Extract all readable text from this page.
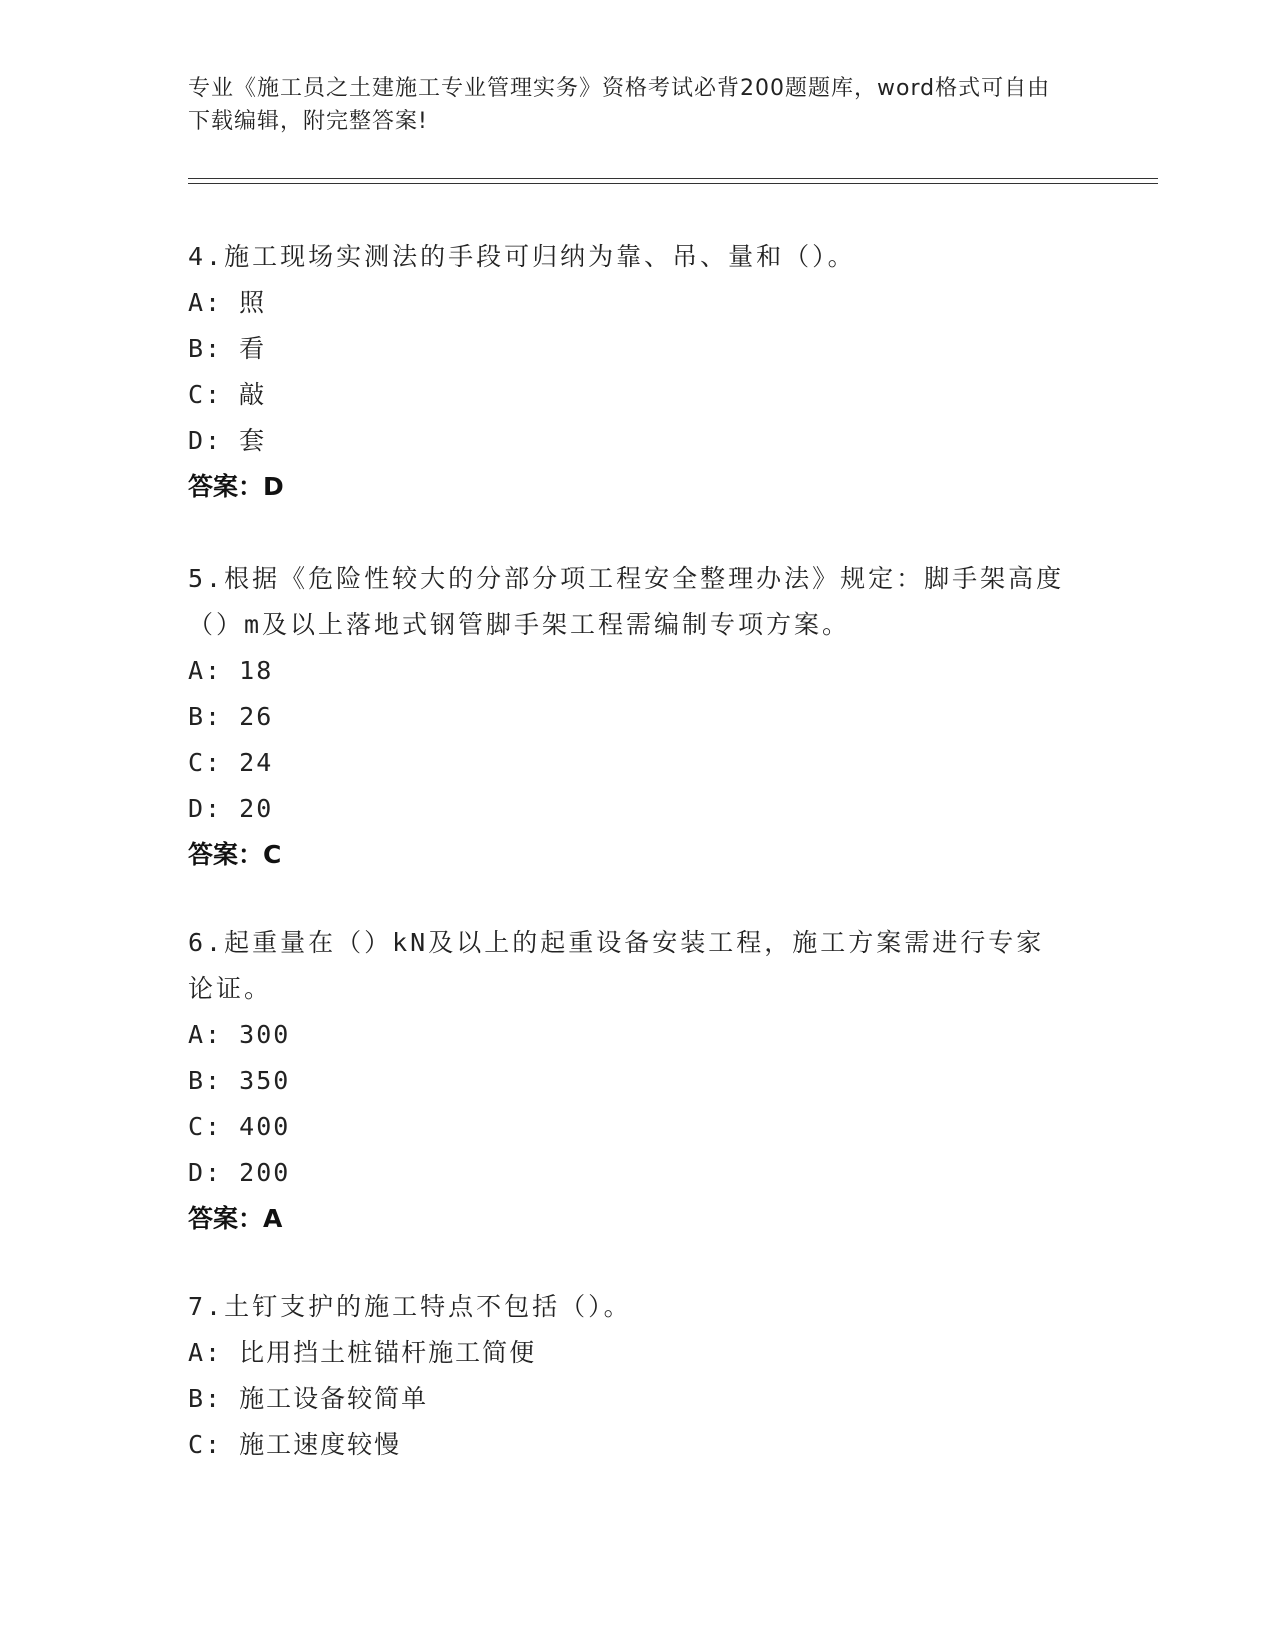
专业《施工员之土建施工专业管理实务》资格考试必背200题题库，word格式可自由下载编辑，附完整答案!

4.施工现场实测法的手段可归纳为靠、吊、量和（）。

A: 照
B: 看
C: 敲
D: 套

答案：D

5.根据《危险性较大的分部分项工程安全整理办法》规定：脚手架高度（）m及以上落地式钢管脚手架工程需编制专项方案。

A: 18
B: 26
C: 24
D: 20

答案：C

6.起重量在（）kN及以上的起重设备安装工程，施工方案需进行专家论证。

A: 300
B: 350
C: 400
D: 200

答案：A

7.土钉支护的施工特点不包括（）。

A: 比用挡土桩锚杆施工简便
B: 施工设备较简单
C: 施工速度较慢
